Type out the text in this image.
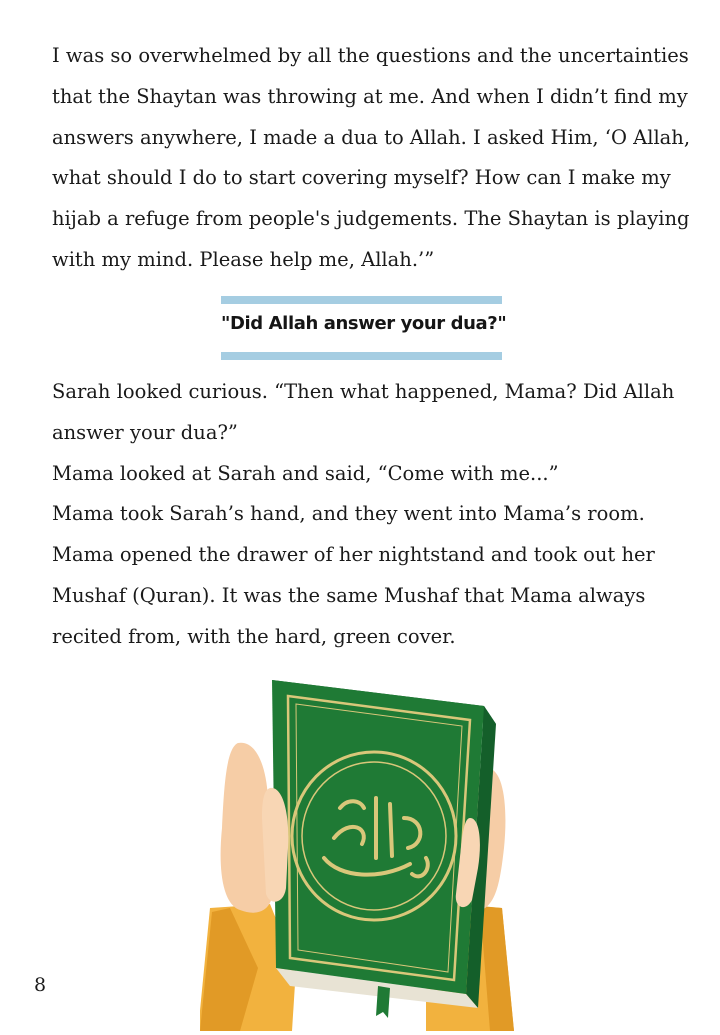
I was so overwhelmed by all the questions and the uncertainties
that the Shaytan was throwing at me. And when I didn’t find my
answers anywhere, I made a dua to Allah. I asked Him, ‘O Allah,
what should I do to start covering myself? How can I make my
hijab a refuge from people's judgements. The Shaytan is playing
with my mind. Please help me, Allah.’”
"Did Allah answer your dua?"
Sarah looked curious. “Then what happened, Mama? Did Allah
answer your dua?”
Mama looked at Sarah and said, “Come with me...”
Mama took Sarah’s hand, and they went into Mama’s room.
Mama opened the drawer of her nightstand and took out her
Mushaf (Quran). It was the same Mushaf that Mama always
recited from, with the hard, green cover.
8
